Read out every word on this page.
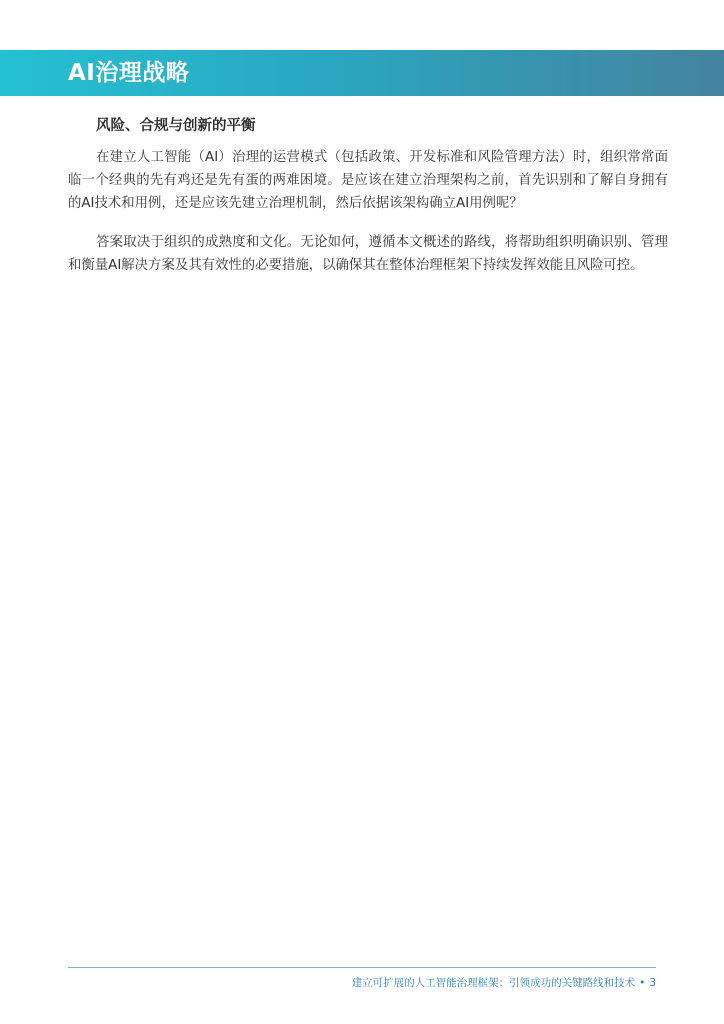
AI治理战略
风险、合规与创新的平衡

在建立人工智能（AI）治理的运营模式（包括政策、开发标准和风险管理方法）时，组织常常面临一个经典的先有鸡还是先有蛋的两难困境。是应该在建立治理架构之前，首先识别和了解自身拥有的AI技术和用例，还是应该先建立治理机制，然后依据该架构确立AI用例呢？

答案取决于组织的成熟度和文化。无论如何，遵循本文概述的路线，将帮助组织明确识别、管理和衡量AI解决方案及其有效性的必要措施，以确保其在整体治理框架下持续发挥效能且风险可控。

建立可扩展的人工智能治理框架：引领成功的关键路线和技术 • 3
